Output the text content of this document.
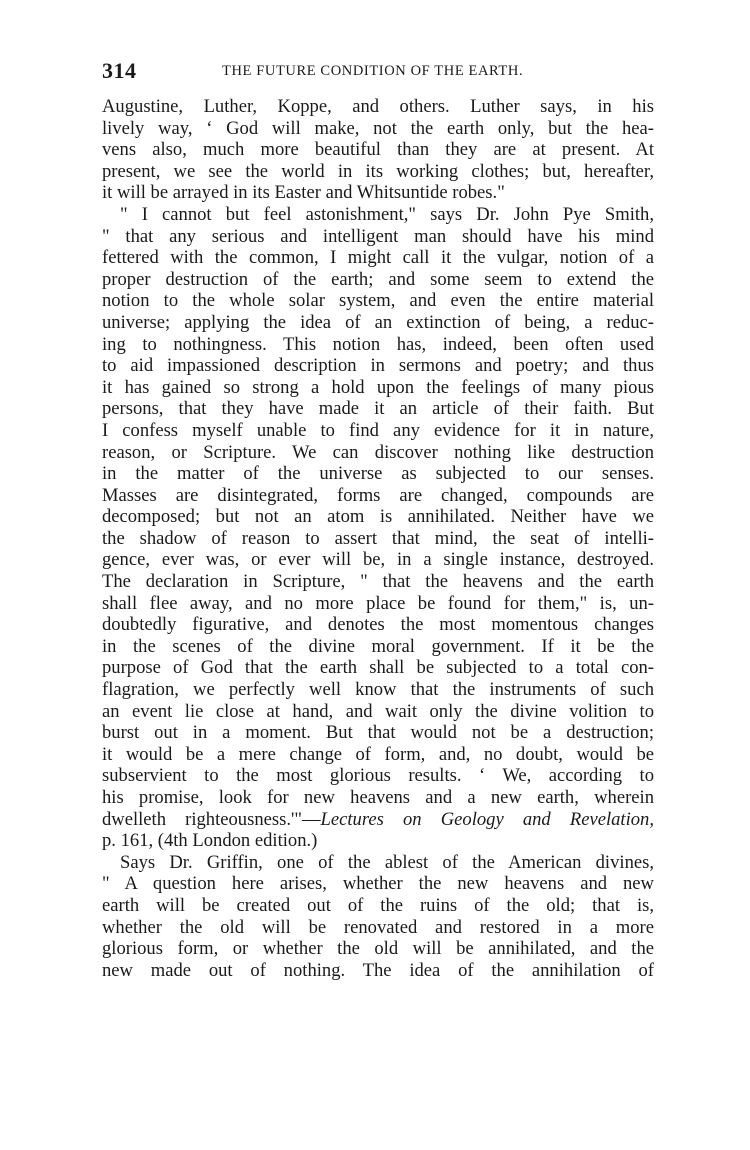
314	THE FUTURE CONDITION OF THE EARTH.
Augustine, Luther, Koppe, and others. Luther says, in his
lively way, ‘ God will make, not the earth only, but the hea-
vens also, much more beautiful than they are at present. At
present, we see the world in its working clothes; but, hereafter,
it will be arrayed in its Easter and Whitsuntide robes."
" I cannot but feel astonishment," says Dr. John Pye Smith,
" that any serious and intelligent man should have his mind
fettered with the common, I might call it the vulgar, notion of a
proper destruction of the earth; and some seem to extend the
notion to the whole solar system, and even the entire material
universe; applying the idea of an extinction of being, a reduc-
ing to nothingness. This notion has, indeed, been often used
to aid impassioned description in sermons and poetry; and thus
it has gained so strong a hold upon the feelings of many pious
persons, that they have made it an article of their faith. But
I confess myself unable to find any evidence for it in nature,
reason, or Scripture. We can discover nothing like destruction
in the matter of the universe as subjected to our senses.
Masses are disintegrated, forms are changed, compounds are
decomposed; but not an atom is annihilated. Neither have we
the shadow of reason to assert that mind, the seat of intelli-
gence, ever was, or ever will be, in a single instance, destroyed.
The declaration in Scripture, " that the heavens and the earth
shall flee away, and no more place be found for them," is, un-
doubtedly figurative, and denotes the most momentous changes
in the scenes of the divine moral government. If it be the
purpose of God that the earth shall be subjected to a total con-
flagration, we perfectly well know that the instruments of such
an event lie close at hand, and wait only the divine volition to
burst out in a moment. But that would not be a destruction;
it would be a mere change of form, and, no doubt, would be
subservient to the most glorious results. ‘ We, according to
his promise, look for new heavens and a new earth, wherein
dwelleth righteousness.'"—Lectures on Geology and Revelation,
p. 161, (4th London edition.)
Says Dr. Griffin, one of the ablest of the American divines,
" A question here arises, whether the new heavens and new
earth will be created out of the ruins of the old; that is,
whether the old will be renovated and restored in a more
glorious form, or whether the old will be annihilated, and the
new made out of nothing. The idea of the annihilation of
